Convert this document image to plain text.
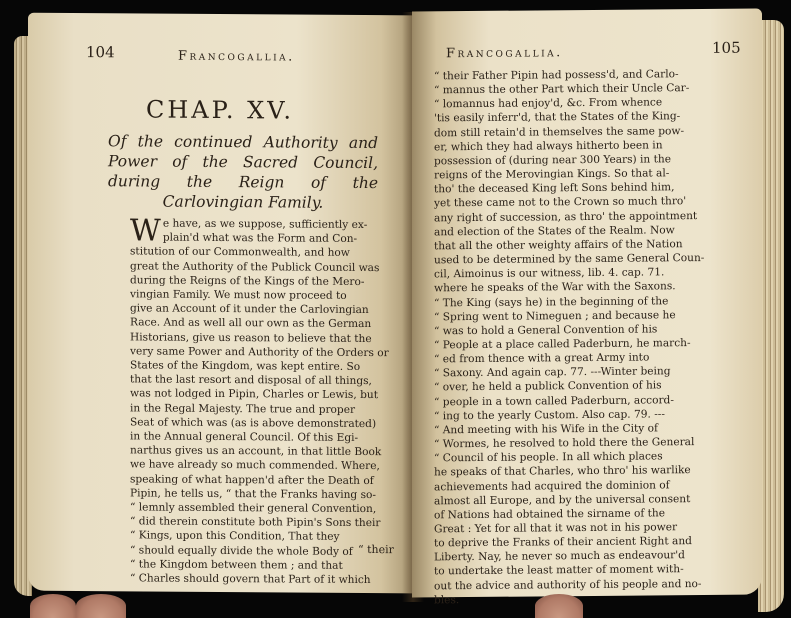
104	Francogallia.
CHAP. XV.
Of the continued Authority and Power of the Sacred Council, during the Reign of the Carlovingian Family.
W e have, as we suppose, sufficiently ex-
plain'd what was the Form and Con-
stitution of our Commonwealth, and how
great the Authority of the Publick Council was
during the Reigns of the Kings of the Mero-
vingian Family. We must now proceed to
give an Account of it under the Carlovingian
Race. And as well all our own as the German
Historians, give us reason to believe that the
very same Power and Authority of the Orders or
States of the Kingdom, was kept entire. So
that the last resort and disposal of all things,
was not lodged in Pipin, Charles or Lewis, but
in the Regal Majesty. The true and proper
Seat of which was (as is above demonstrated)
in the Annual general Council. Of this Egi-
narthus gives us an account, in that little Book
we have already so much commended. Where,
speaking of what happen'd after the Death of
Pipin, he tells us, “ that the Franks having so-
“ lemnly assembled their general Convention,
“ did therein constitute both Pipin's Sons their
“ Kings, upon this Condition, That they
“ should equally divide the whole Body of
“ the Kingdom between them ; and that
“ Charles should govern that Part of it which
“ their
Francogallia.	105
“ their Father Pipin had possess'd, and Carlo-
“ mannus the other Part which their Uncle Car-
“ lomannus had enjoy'd, &c. From whence
'tis easily inferr'd, that the States of the King-
dom still retain'd in themselves the same pow-
er, which they had always hitherto been in
possession of (during near 300 Years) in the
reigns of the Merovingian Kings. So that al-
tho' the deceased King left Sons behind him,
yet these came not to the Crown so much thro'
any right of succession, as thro' the appointment
and election of the States of the Realm. Now
that all the other weighty affairs of the Nation
used to be determined by the same General Coun-
cil, Aimoinus is our witness, lib. 4. cap. 71.
where he speaks of the War with the Saxons.
“ The King (says he) in the beginning of the
“ Spring went to Nimeguen ; and because he
“ was to hold a General Convention of his
“ People at a place called Paderburn, he march-
“ ed from thence with a great Army into
“ Saxony. And again cap. 77. ---Winter being
“ over, he held a publick Convention of his
“ people in a town called Paderburn, accord-
“ ing to the yearly Custom. Also cap. 79. ---
“ And meeting with his Wife in the City of
“ Wormes, he resolved to hold there the General
“ Council of his people. In all which places
he speaks of that Charles, who thro' his warlike
achievements had acquired the dominion of
almost all Europe, and by the universal consent
of Nations had obtained the sirname of the
Great : Yet for all that it was not in his power
to deprive the Franks of their ancient Right and
Liberty. Nay, he never so much as endeavour'd
to undertake the least matter of moment with-
out the advice and authority of his people and no-
bles.
